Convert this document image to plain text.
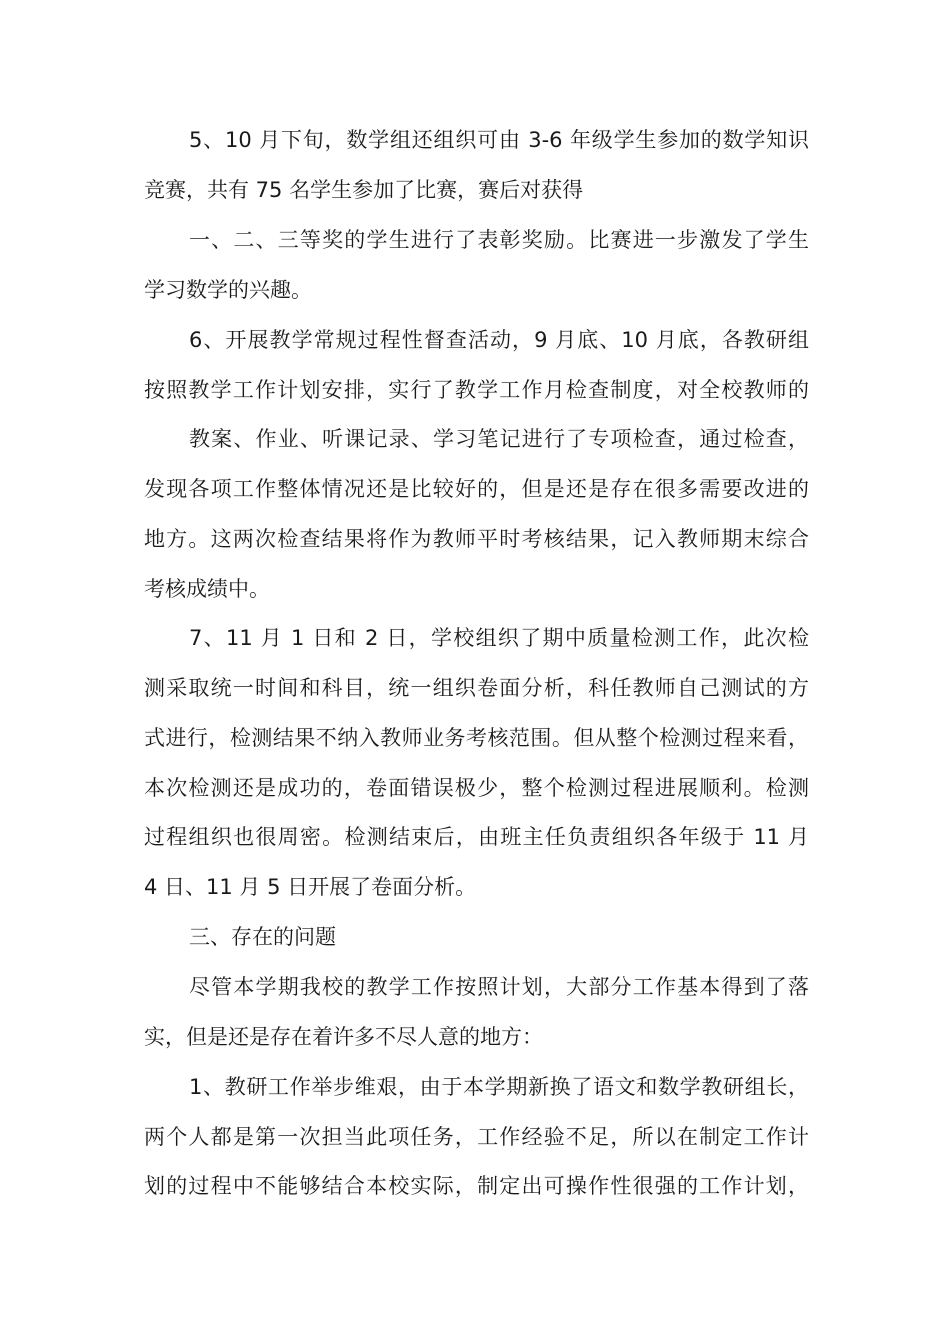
5、10 月下旬，数学组还组织可由 3-6 年级学生参加的数学知识
竞赛，共有 75 名学生参加了比赛，赛后对获得
一、二、三等奖的学生进行了表彰奖励。比赛进一步激发了学生
学习数学的兴趣。
6、开展教学常规过程性督查活动，9 月底、10 月底，各教研组
按照教学工作计划安排，实行了教学工作月检查制度，对全校教师的
教案、作业、听课记录、学习笔记进行了专项检查，通过检查，
发现各项工作整体情况还是比较好的，但是还是存在很多需要改进的
地方。这两次检查结果将作为教师平时考核结果，记入教师期末综合
考核成绩中。
7、11 月 1 日和 2 日，学校组织了期中质量检测工作，此次检
测采取统一时间和科目，统一组织卷面分析，科任教师自己测试的方
式进行，检测结果不纳入教师业务考核范围。但从整个检测过程来看，
本次检测还是成功的，卷面错误极少，整个检测过程进展顺利。检测
过程组织也很周密。检测结束后，由班主任负责组织各年级于 11 月
4 日、11 月 5 日开展了卷面分析。
三、存在的问题
尽管本学期我校的教学工作按照计划，大部分工作基本得到了落
实，但是还是存在着许多不尽人意的地方：
1、教研工作举步维艰，由于本学期新换了语文和数学教研组长，
两个人都是第一次担当此项任务，工作经验不足，所以在制定工作计
划的过程中不能够结合本校实际，制定出可操作性很强的工作计划，
